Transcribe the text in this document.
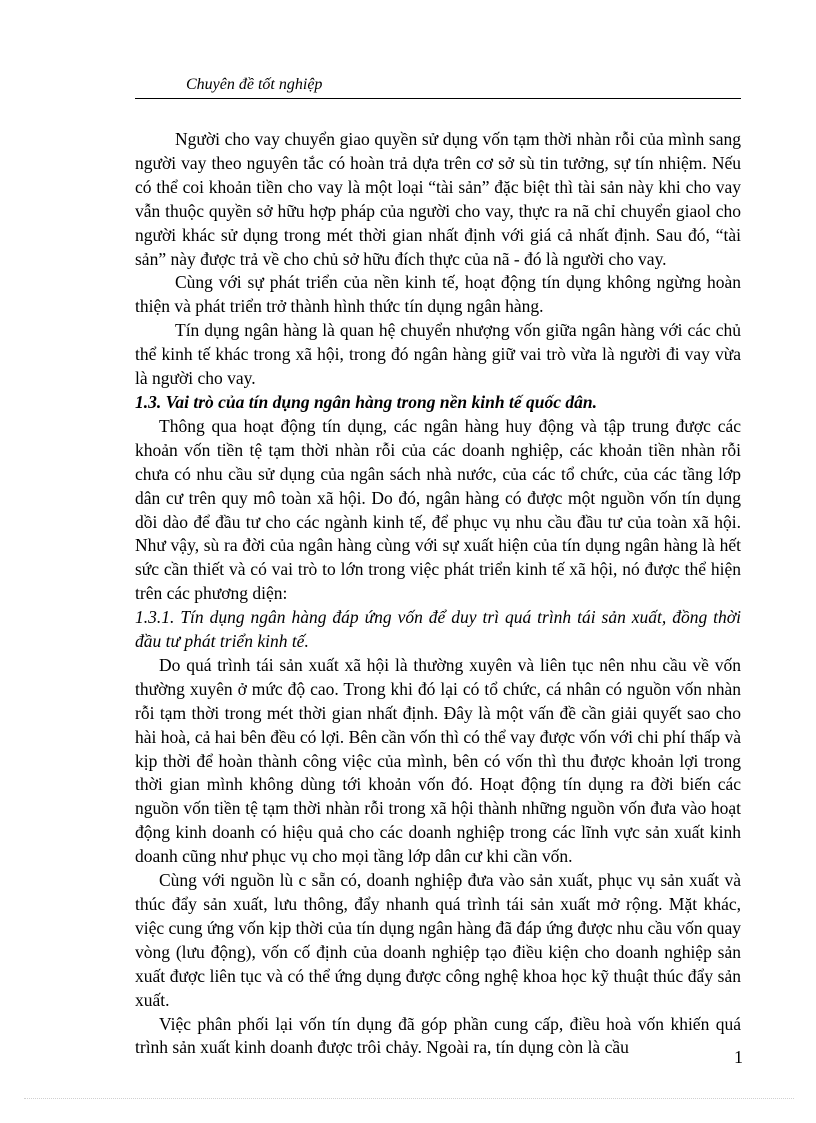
Chuyên đề tốt nghiệp

Người cho vay chuyển giao quyền sử dụng vốn tạm thời nhàn rỗi của mình sang người vay theo nguyên tắc có hoàn trả dựa trên cơ sở sù tin tưởng, sự tín nhiệm. Nếu có thể coi khoản tiền cho vay là một loại “tài sản” đặc biệt thì tài sản này khi cho vay vẫn thuộc quyền sở hữu hợp pháp của người cho vay, thực ra nã chỉ chuyển giaol cho người khác sử dụng trong mét thời gian nhất định với giá cả nhất định. Sau đó, “tài sản” này được trả về cho chủ sở hữu đích thực của nã - đó là người cho vay.

Cùng với sự phát triển của nền kinh tế, hoạt động tín dụng không ngừng hoàn thiện và phát triển trở thành hình thức tín dụng ngân hàng.

Tín dụng ngân hàng là quan hệ chuyển nhượng vốn giữa ngân hàng với các chủ thể kinh tế khác trong xã hội, trong đó ngân hàng giữ vai trò vừa là người đi vay vừa là người cho vay.

1.3. Vai trò của tín dụng ngân hàng trong nền kinh tế quốc dân.

Thông qua hoạt động tín dụng, các ngân hàng huy động và tập trung được các khoản vốn tiền tệ tạm thời nhàn rỗi của các doanh nghiệp, các khoản tiền nhàn rỗi chưa có nhu cầu sử dụng của ngân sách nhà nước, của các tổ chức, của các tầng lớp dân cư trên quy mô toàn xã hội. Do đó, ngân hàng có được một nguồn vốn tín dụng dồi dào để đầu tư cho các ngành kinh tế, để phục vụ nhu cầu đầu tư của toàn xã hội. Như vậy, sù ra đời của ngân hàng cùng với sự xuất hiện của tín dụng ngân hàng là hết sức cần thiết và có vai trò to lớn trong việc phát triển kinh tế xã hội, nó được thể hiện trên các phương diện:

1.3.1. Tín dụng ngân hàng đáp ứng vốn để duy trì quá trình tái sản xuất, đồng thời đầu tư phát triển kinh tế.

Do quá trình tái sản xuất xã hội là thường xuyên và liên tục nên nhu cầu về vốn thường xuyên ở mức độ cao. Trong khi đó lại có tổ chức, cá nhân có nguồn vốn nhàn rỗi tạm thời trong mét thời gian nhất định. Đây là một vấn đề cần giải quyết sao cho hài hoà, cả hai bên đều có lợi. Bên cần vốn thì có thể vay được vốn với chi phí thấp và kịp thời để hoàn thành công việc của mình, bên có vốn thì thu được khoản lợi trong thời gian mình không dùng tới khoản vốn đó. Hoạt động tín dụng ra đời biến các nguồn vốn tiền tệ tạm thời nhàn rỗi trong xã hội thành những nguồn vốn đưa vào hoạt động kinh doanh có hiệu quả cho các doanh nghiệp trong các lĩnh vực sản xuất kinh doanh cũng như phục vụ cho mọi tầng lớp dân cư khi cần vốn.

Cùng với nguồn lù c sẵn có, doanh nghiệp đưa vào sản xuất, phục vụ sản xuất và thúc đẩy sản xuất, lưu thông, đẩy nhanh quá trình tái sản xuất mở rộng. Mặt khác, việc cung ứng vốn kịp thời của tín dụng ngân hàng đã đáp ứng được nhu cầu vốn quay vòng (lưu động), vốn cố định của doanh nghiệp tạo điều kiện cho doanh nghiệp sản xuất được liên tục và có thể ứng dụng được công nghệ khoa học kỹ thuật thúc đẩy sản xuất.

Việc phân phối lại vốn tín dụng đã góp phần cung cấp, điều hoà vốn khiến quá trình sản xuất kinh doanh được trôi chảy. Ngoài ra, tín dụng còn là cầu	1
